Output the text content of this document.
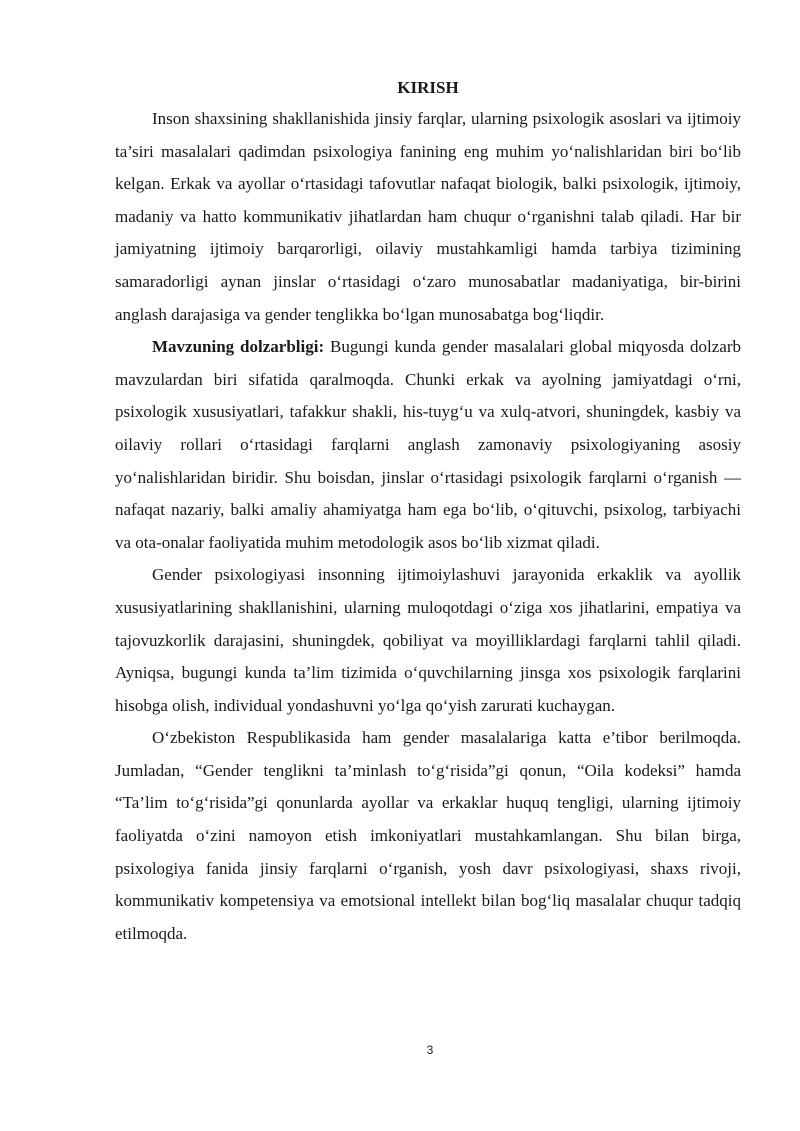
KIRISH

Inson shaxsining shakllanishida jinsiy farqlar, ularning psixologik asoslari va ijtimoiy ta’siri masalalari qadimdan psixologiya fanining eng muhim yo‘nalishlaridan biri bo‘lib kelgan. Erkak va ayollar o‘rtasidagi tafovutlar nafaqat biologik, balki psixologik, ijtimoiy, madaniy va hatto kommunikativ jihatlardan ham chuqur o‘rganishni talab qiladi. Har bir jamiyatning ijtimoiy barqarorligi, oilaviy mustahkamligi hamda tarbiya tizimining samaradorligi aynan jinslar o‘rtasidagi o‘zaro munosabatlar madaniyatiga, bir-birini anglash darajasiga va gender tenglikka bo‘lgan munosabatga bog‘liqdir.

Mavzuning dolzarbligi: Bugungi kunda gender masalalari global miqyosda dolzarb mavzulardan biri sifatida qaralmoqda. Chunki erkak va ayolning jamiyatdagi o‘rni, psixologik xususiyatlari, tafakkur shakli, his-tuyg‘u va xulq-atvori, shuningdek, kasbiy va oilaviy rollari o‘rtasidagi farqlarni anglash zamonaviy psixologiyaning asosiy yo‘nalishlaridan biridir. Shu boisdan, jinslar o‘rtasidagi psixologik farqlarni o‘rganish — nafaqat nazariy, balki amaliy ahamiyatga ham ega bo‘lib, o‘qituvchi, psixolog, tarbiyachi va ota-onalar faoliyatida muhim metodologik asos bo‘lib xizmat qiladi.

Gender psixologiyasi insonning ijtimoiylashuvi jarayonida erkaklik va ayollik xususiyatlarining shakllanishini, ularning muloqotdagi o‘ziga xos jihatlarini, empatiya va tajovuzkorlik darajasini, shuningdek, qobiliyat va moyilliklardagi farqlarni tahlil qiladi. Ayniqsa, bugungi kunda ta’lim tizimida o‘quvchilarning jinsga xos psixologik farqlarini hisobga olish, individual yondashuvni yo‘lga qo‘yish zarurati kuchaygan.

O‘zbekiston Respublikasida ham gender masalalariga katta e’tibor berilmoqda. Jumladan, “Gender tenglikni ta’minlash to‘g‘risida”gi qonun, “Oila kodeksi” hamda “Ta’lim to‘g‘risida”gi qonunlarda ayollar va erkaklar huquq tengligi, ularning ijtimoiy faoliyatda o‘zini namoyon etish imkoniyatlari mustahkamlangan. Shu bilan birga, psixologiya fanida jinsiy farqlarni o‘rganish, yosh davr psixologiyasi, shaxs rivoji, kommunikativ kompetensiya va emotsional intellekt bilan bog‘liq masalalar chuqur tadqiq etilmoqda.

3
